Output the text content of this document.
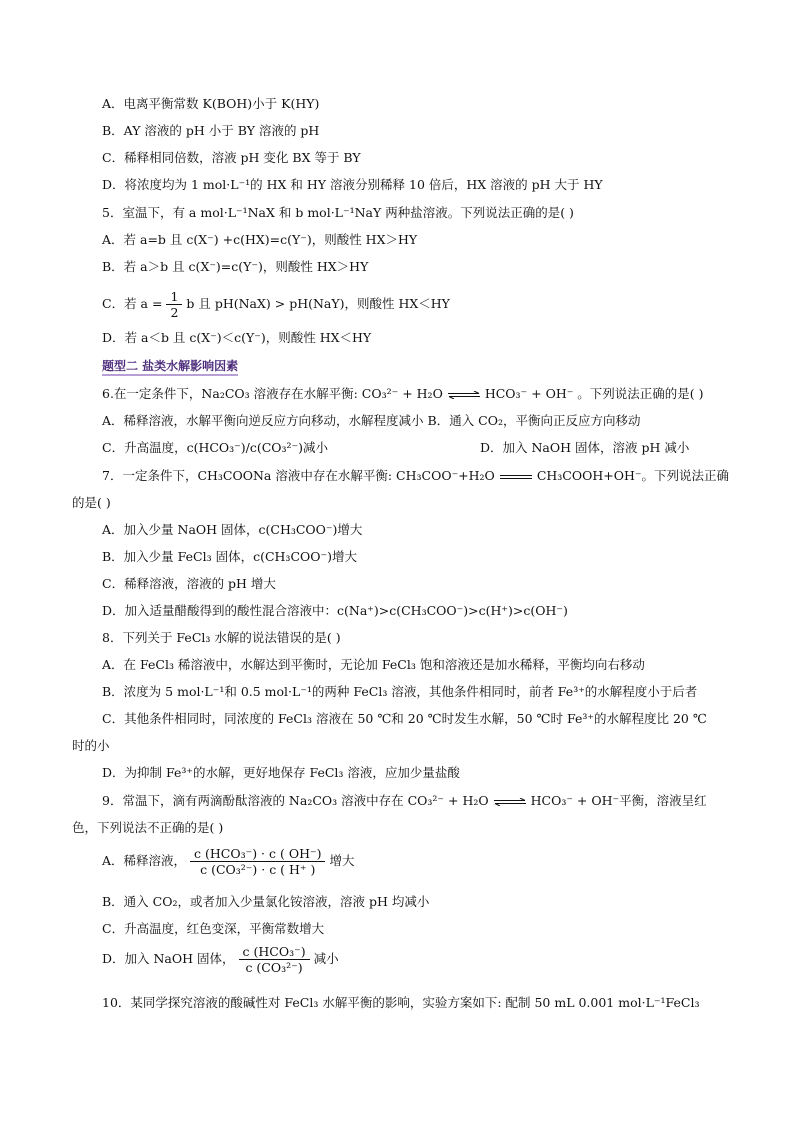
A．电离平衡常数 K(BOH)小于 K(HY)
B．AY 溶液的 pH 小于 BY 溶液的 pH
C．稀释相同倍数，溶液 pH 变化 BX 等于 BY
D．将浓度均为 1 mol·L⁻¹的 HX 和 HY 溶液分别稀释 10 倍后，HX 溶液的 pH 大于 HY
5．室温下，有 a mol·L⁻¹NaX 和 b mol·L⁻¹NaY 两种盐溶液。下列说法正确的是( )
A．若 a=b 且 c(X⁻) +c(HX)=c(Y⁻)，则酸性 HX＞HY
B．若 a＞b 且 c(X⁻)=c(Y⁻)，则酸性 HX＞HY
C．若 $a = \frac{1}{2}$ b 且 pH(NaX) > pH(NaY)，则酸性 HX＜HY
D．若 a＜b 且 c(X⁻)＜c(Y⁻)，则酸性 HX＜HY
题型二 盐类水解影响因素
6.在一定条件下，Na₂CO₃ 溶液存在水解平衡: CO₃²⁻ + H₂O ⇌ HCO₃⁻ + OH⁻ 。下列说法正确的是( )
A．稀释溶液，水解平衡向逆反应方向移动，水解程度减小 B．通入 CO₂，平衡向正反应方向移动
C．升高温度，c(HCO₃⁻)/c(CO₃²⁻)减小	D．加入 NaOH 固体，溶液 pH 减小
7．一定条件下，CH₃COONa 溶液中存在水解平衡: CH₃COO⁻+H₂O	CH₃COOH+OH⁻。下列说法正确
的是( )
A．加入少量 NaOH 固体，c(CH₃COO⁻)增大
B．加入少量 FeCl₃ 固体，c(CH₃COO⁻)增大
C．稀释溶液，溶液的 pH 增大
D．加入适量醋酸得到的酸性混合溶液中：c(Na⁺)>c(CH₃COO⁻)>c(H⁺)>c(OH⁻)
8．下列关于 FeCl₃ 水解的说法错误的是( )
A．在 FeCl₃ 稀溶液中，水解达到平衡时，无论加 FeCl₃ 饱和溶液还是加水稀释，平衡均向右移动
B．浓度为 5 mol·L⁻¹和 0.5 mol·L⁻¹的两种 FeCl₃ 溶液，其他条件相同时，前者 Fe³⁺的水解程度小于后者
C．其他条件相同时，同浓度的 FeCl₃ 溶液在 50 ℃和 20 ℃时发生水解，50 ℃时 Fe³⁺的水解程度比 20 ℃
时的小
D．为抑制 Fe³⁺的水解，更好地保存 FeCl₃ 溶液，应加少量盐酸
9．常温下，滴有两滴酚酞溶液的 Na₂CO₃ 溶液中存在 CO₃²⁻ + H₂O ⇌ HCO₃⁻ + OH⁻平衡，溶液呈红
色，下列说法不正确的是( )
A．稀释溶液， $\frac{\text{c (HCO₃⁻) · c ( OH⁻)}}{\text{c (CO₃²⁻) · c ( H⁺ )}}$ 增大
B．通入 CO₂，或者加入少量氯化铵溶液，溶液 pH 均减小
C．升高温度，红色变深，平衡常数增大
D．加入 NaOH 固体， $\frac{\text{c (HCO₃⁻)}}{\text{c (CO₃²⁻)}}$ 减小
10．某同学探究溶液的酸碱性对 FeCl₃ 水解平衡的影响，实验方案如下: 配制 50 mL 0.001 mol·L⁻¹FeCl₃
